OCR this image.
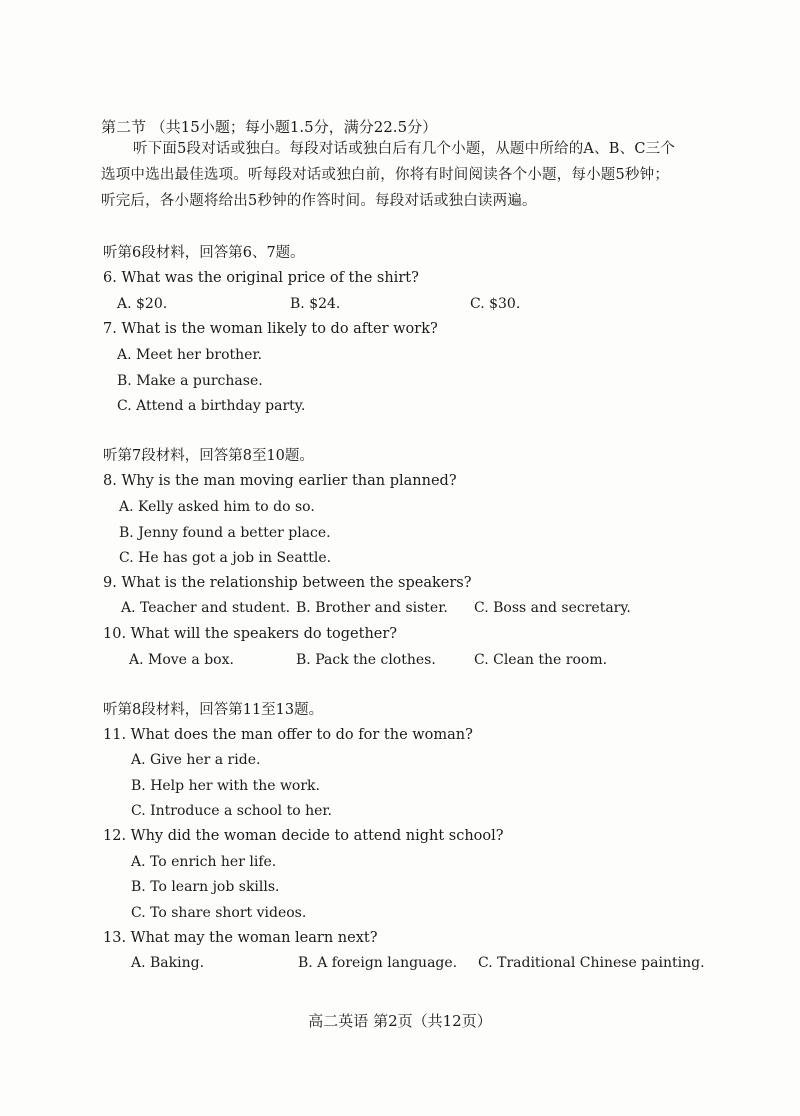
第二节 （共15小题；每小题1.5分，满分22.5分）
听下面5段对话或独白。每段对话或独白后有几个小题，从题中所给的A、B、C三个
选项中选出最佳选项。听每段对话或独白前，你将有时间阅读各个小题，每小题5秒钟；
听完后，各小题将给出5秒钟的作答时间。每段对话或独白读两遍。
听第6段材料，回答第6、7题。
6. What was the original price of the shirt?
A. $20.	B. $24.	C. $30.
7. What is the woman likely to do after work?
A. Meet her brother.
B. Make a purchase.
C. Attend a birthday party.
听第7段材料，回答第8至10题。
8. Why is the man moving earlier than planned?
A. Kelly asked him to do so.
B. Jenny found a better place.
C. He has got a job in Seattle.
9. What is the relationship between the speakers?
A. Teacher and student. B. Brother and sister. C. Boss and secretary.
10. What will the speakers do together?
A. Move a box.	B. Pack the clothes.	C. Clean the room.
听第8段材料，回答第11至13题。
11. What does the man offer to do for the woman?
A. Give her a ride.
B. Help her with the work.
C. Introduce a school to her.
12. Why did the woman decide to attend night school?
A. To enrich her life.
B. To learn job skills.
C. To share short videos.
13. What may the woman learn next?
A. Baking.	B. A foreign language. C. Traditional Chinese painting.
高二英语 第2页（共12页）
